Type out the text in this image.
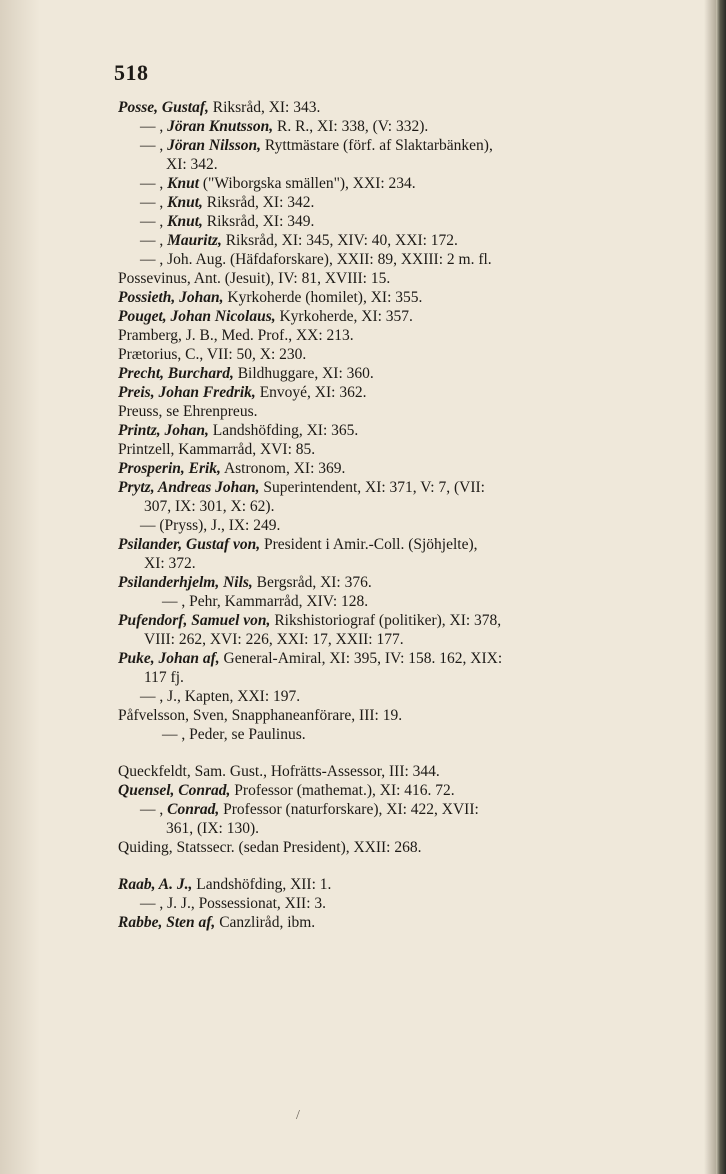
518
Posse, Gustaf, Riksråd, XI: 343.
— , Jöran Knutsson, R. R., XI: 338, (V: 332).
— , Jöran Nilsson, Ryttmästare (förf. af Slaktarbänken),
XI: 342.
— , Knut ("Wiborgska smällen"), XXI: 234.
— , Knut, Riksråd, XI: 342.
— , Knut, Riksråd, XI: 349.
— , Mauritz, Riksråd, XI: 345, XIV: 40, XXI: 172.
— , Joh. Aug. (Häfdaforskare), XXII: 89, XXIII: 2 m. fl.
Possevinus, Ant. (Jesuit), IV: 81, XVIII: 15.
Possieth, Johan, Kyrkoherde (homilet), XI: 355.
Pouget, Johan Nicolaus, Kyrkoherde, XI: 357.
Pramberg, J. B., Med. Prof., XX: 213.
Prætorius, C., VII: 50, X: 230.
Precht, Burchard, Bildhuggare, XI: 360.
Preis, Johan Fredrik, Envoyé, XI: 362.
Preuss, se Ehrenpreus.
Printz, Johan, Landshöfding, XI: 365.
Printzell, Kammarråd, XVI: 85.
Prosperin, Erik, Astronom, XI: 369.
Prytz, Andreas Johan, Superintendent, XI: 371, V: 7, (VII:
307, IX: 301, X: 62).
— (Pryss), J., IX: 249.
Psilander, Gustaf von, President i Amir.-Coll. (Sjöhjelte),
XI: 372.
Psilanderhjelm, Nils, Bergsråd, XI: 376.
— , Pehr, Kammarråd, XIV: 128.
Pufendorf, Samuel von, Rikshistoriograf (politiker), XI: 378,
VIII: 262, XVI: 226, XXI: 17, XXII: 177.
Puke, Johan af, General-Amiral, XI: 395, IV: 158. 162, XIX:
117 fj.
— , J., Kapten, XXI: 197.
Påfvelsson, Sven, Snapphaneanförare, III: 19.
— , Peder, se Paulinus.
Queckfeldt, Sam. Gust., Hofrätts-Assessor, III: 344.
Quensel, Conrad, Professor (mathemat.), XI: 416. 72.
— , Conrad, Professor (naturforskare), XI: 422, XVII:
361, (IX: 130).
Quiding, Statssecr. (sedan President), XXII: 268.
Raab, A. J., Landshöfding, XII: 1.
— , J. J., Possessionat, XII: 3.
Rabbe, Sten af, Canzliråd, ibm.
/
